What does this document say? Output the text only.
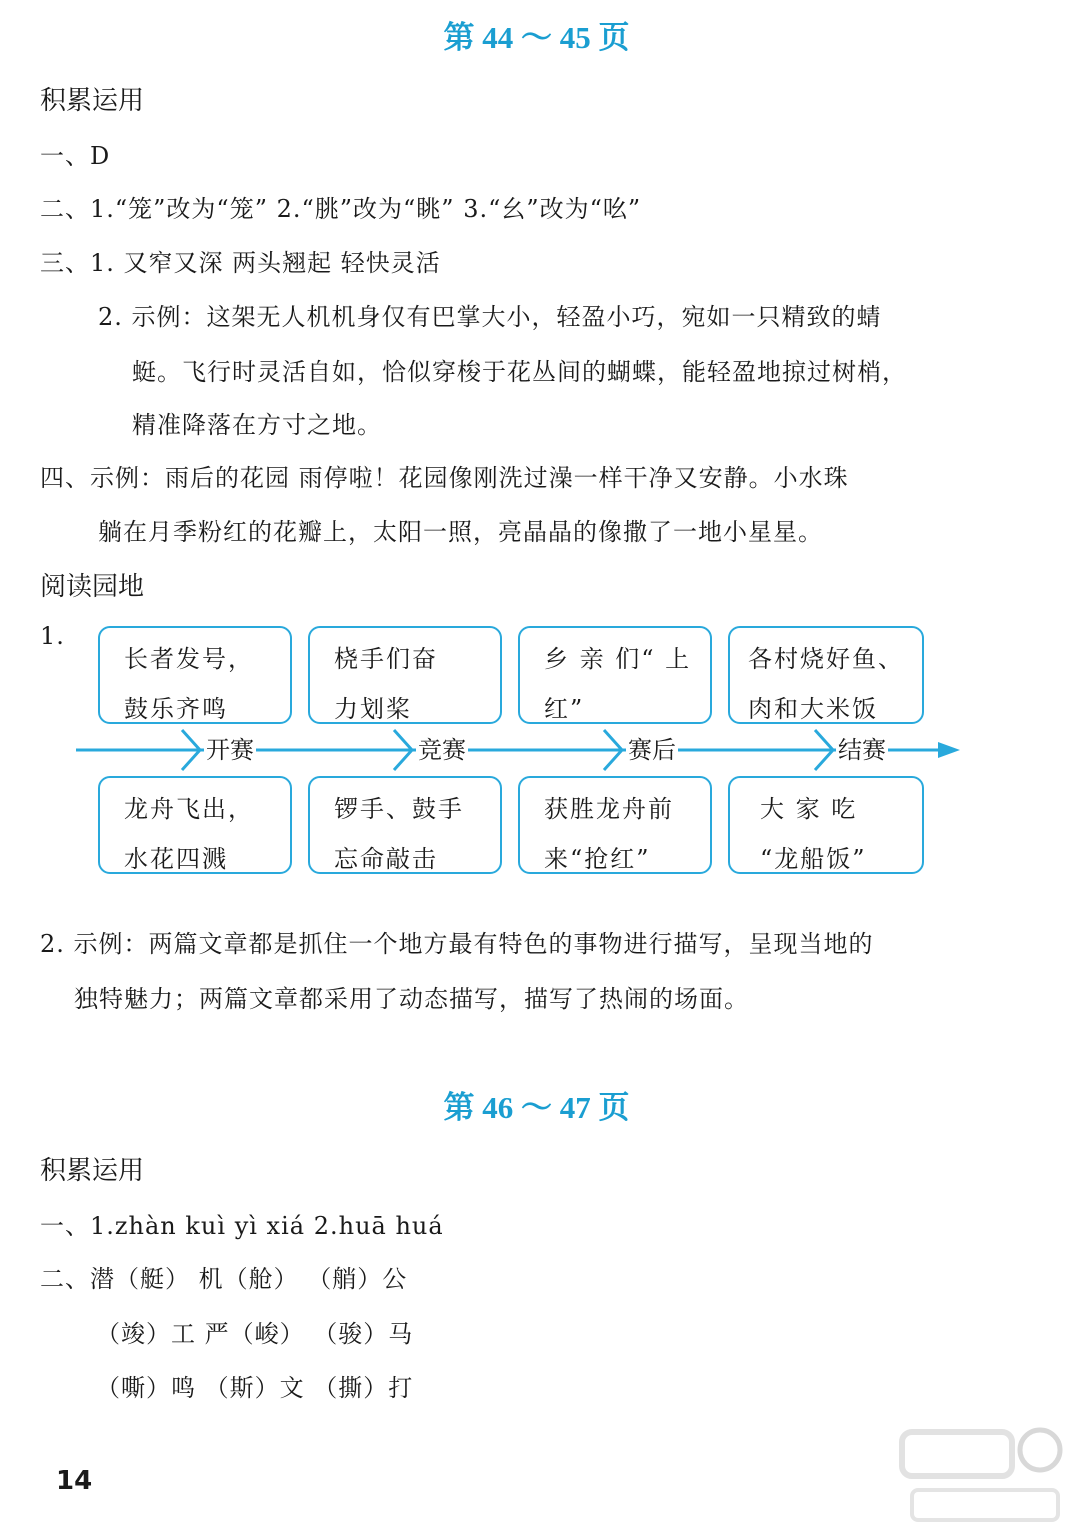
第 44 ～ 45 页
积累运用
一、D
二、1.“笼”改为“笼” 2.“朓”改为“眺” 3.“幺”改为“吆”
三、1. 又窄又深 两头翘起 轻快灵活
2. 示例：这架无人机机身仅有巴掌大小，轻盈小巧，宛如一只精致的蜻
蜓。飞行时灵活自如，恰似穿梭于花丛间的蝴蝶，能轻盈地掠过树梢，
精准降落在方寸之地。
四、示例：雨后的花园 雨停啦！花园像刚洗过澡一样干净又安静。小水珠
躺在月季粉红的花瓣上，太阳一照，亮晶晶的像撒了一地小星星。
阅读园地
1.
开赛	竞赛	赛后	结赛
长者发号，
鼓乐齐鸣
桡手们奋
力划桨
乡 亲 们“ 上
红”
各村烧好鱼、
肉和大米饭
龙舟飞出，
水花四溅
锣手、鼓手
忘命敲击
获胜龙舟前
来“抢红”
大 家 吃
“龙船饭”
2. 示例：两篇文章都是抓住一个地方最有特色的事物进行描写，呈现当地的
独特魅力；两篇文章都采用了动态描写，描写了热闹的场面。
第 46 ～ 47 页
积累运用
一、1.zhàn kuì yì xiá 2.huā huá
二、潜（艇） 机（舱） （艄）公
（竣）工 严（峻） （骏）马
（嘶）鸣 （斯）文 （撕）打
14
